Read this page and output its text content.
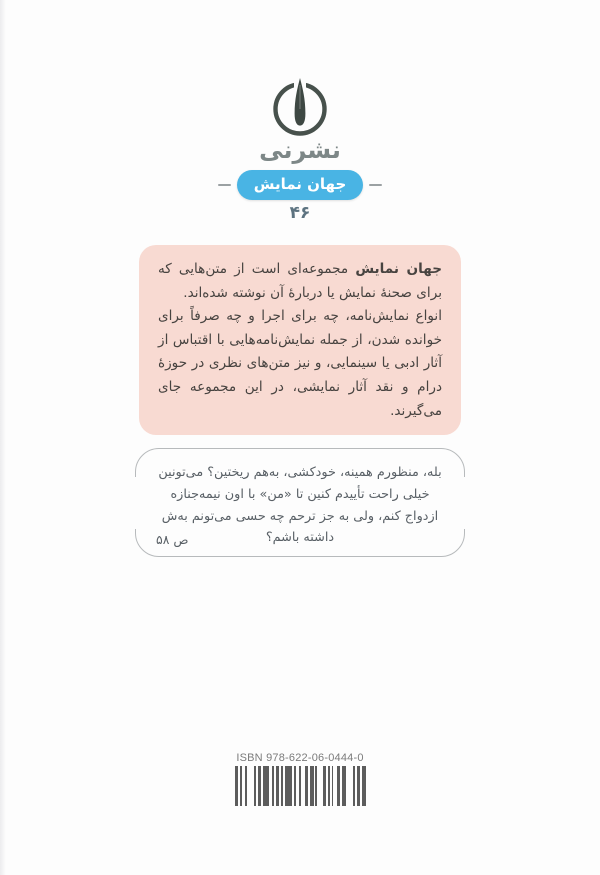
نشرنی
جهان نمایش
۴۶

جهان نمایش مجموعه‌ای است از متن‌هایی که برای صحنهٔ نمایش یا دربارهٔ آن نوشته شده‌اند.

انواع نمایش‌نامه، چه برای اجرا و چه صرفاً برای خوانده شدن، از جمله نمایش‌نامه‌هایی با اقتباس از آثار ادبی یا سینمایی، و نیز متن‌های نظری در حوزهٔ درام و نقد آثار نمایشی، در این مجموعه جای می‌گیرند.

بله، منظورم همینه، خودکشی، به‌هم ریختین؟ می‌تونین خیلی راحت تأییدم کنین تا «من» با اون نیمه‌جنازه ازدواج کنم، ولی به جز ترحم چه حسی می‌تونم به‌ش داشته باشم؟
ص ۵۸
ISBN 978-622-06-0444-0
